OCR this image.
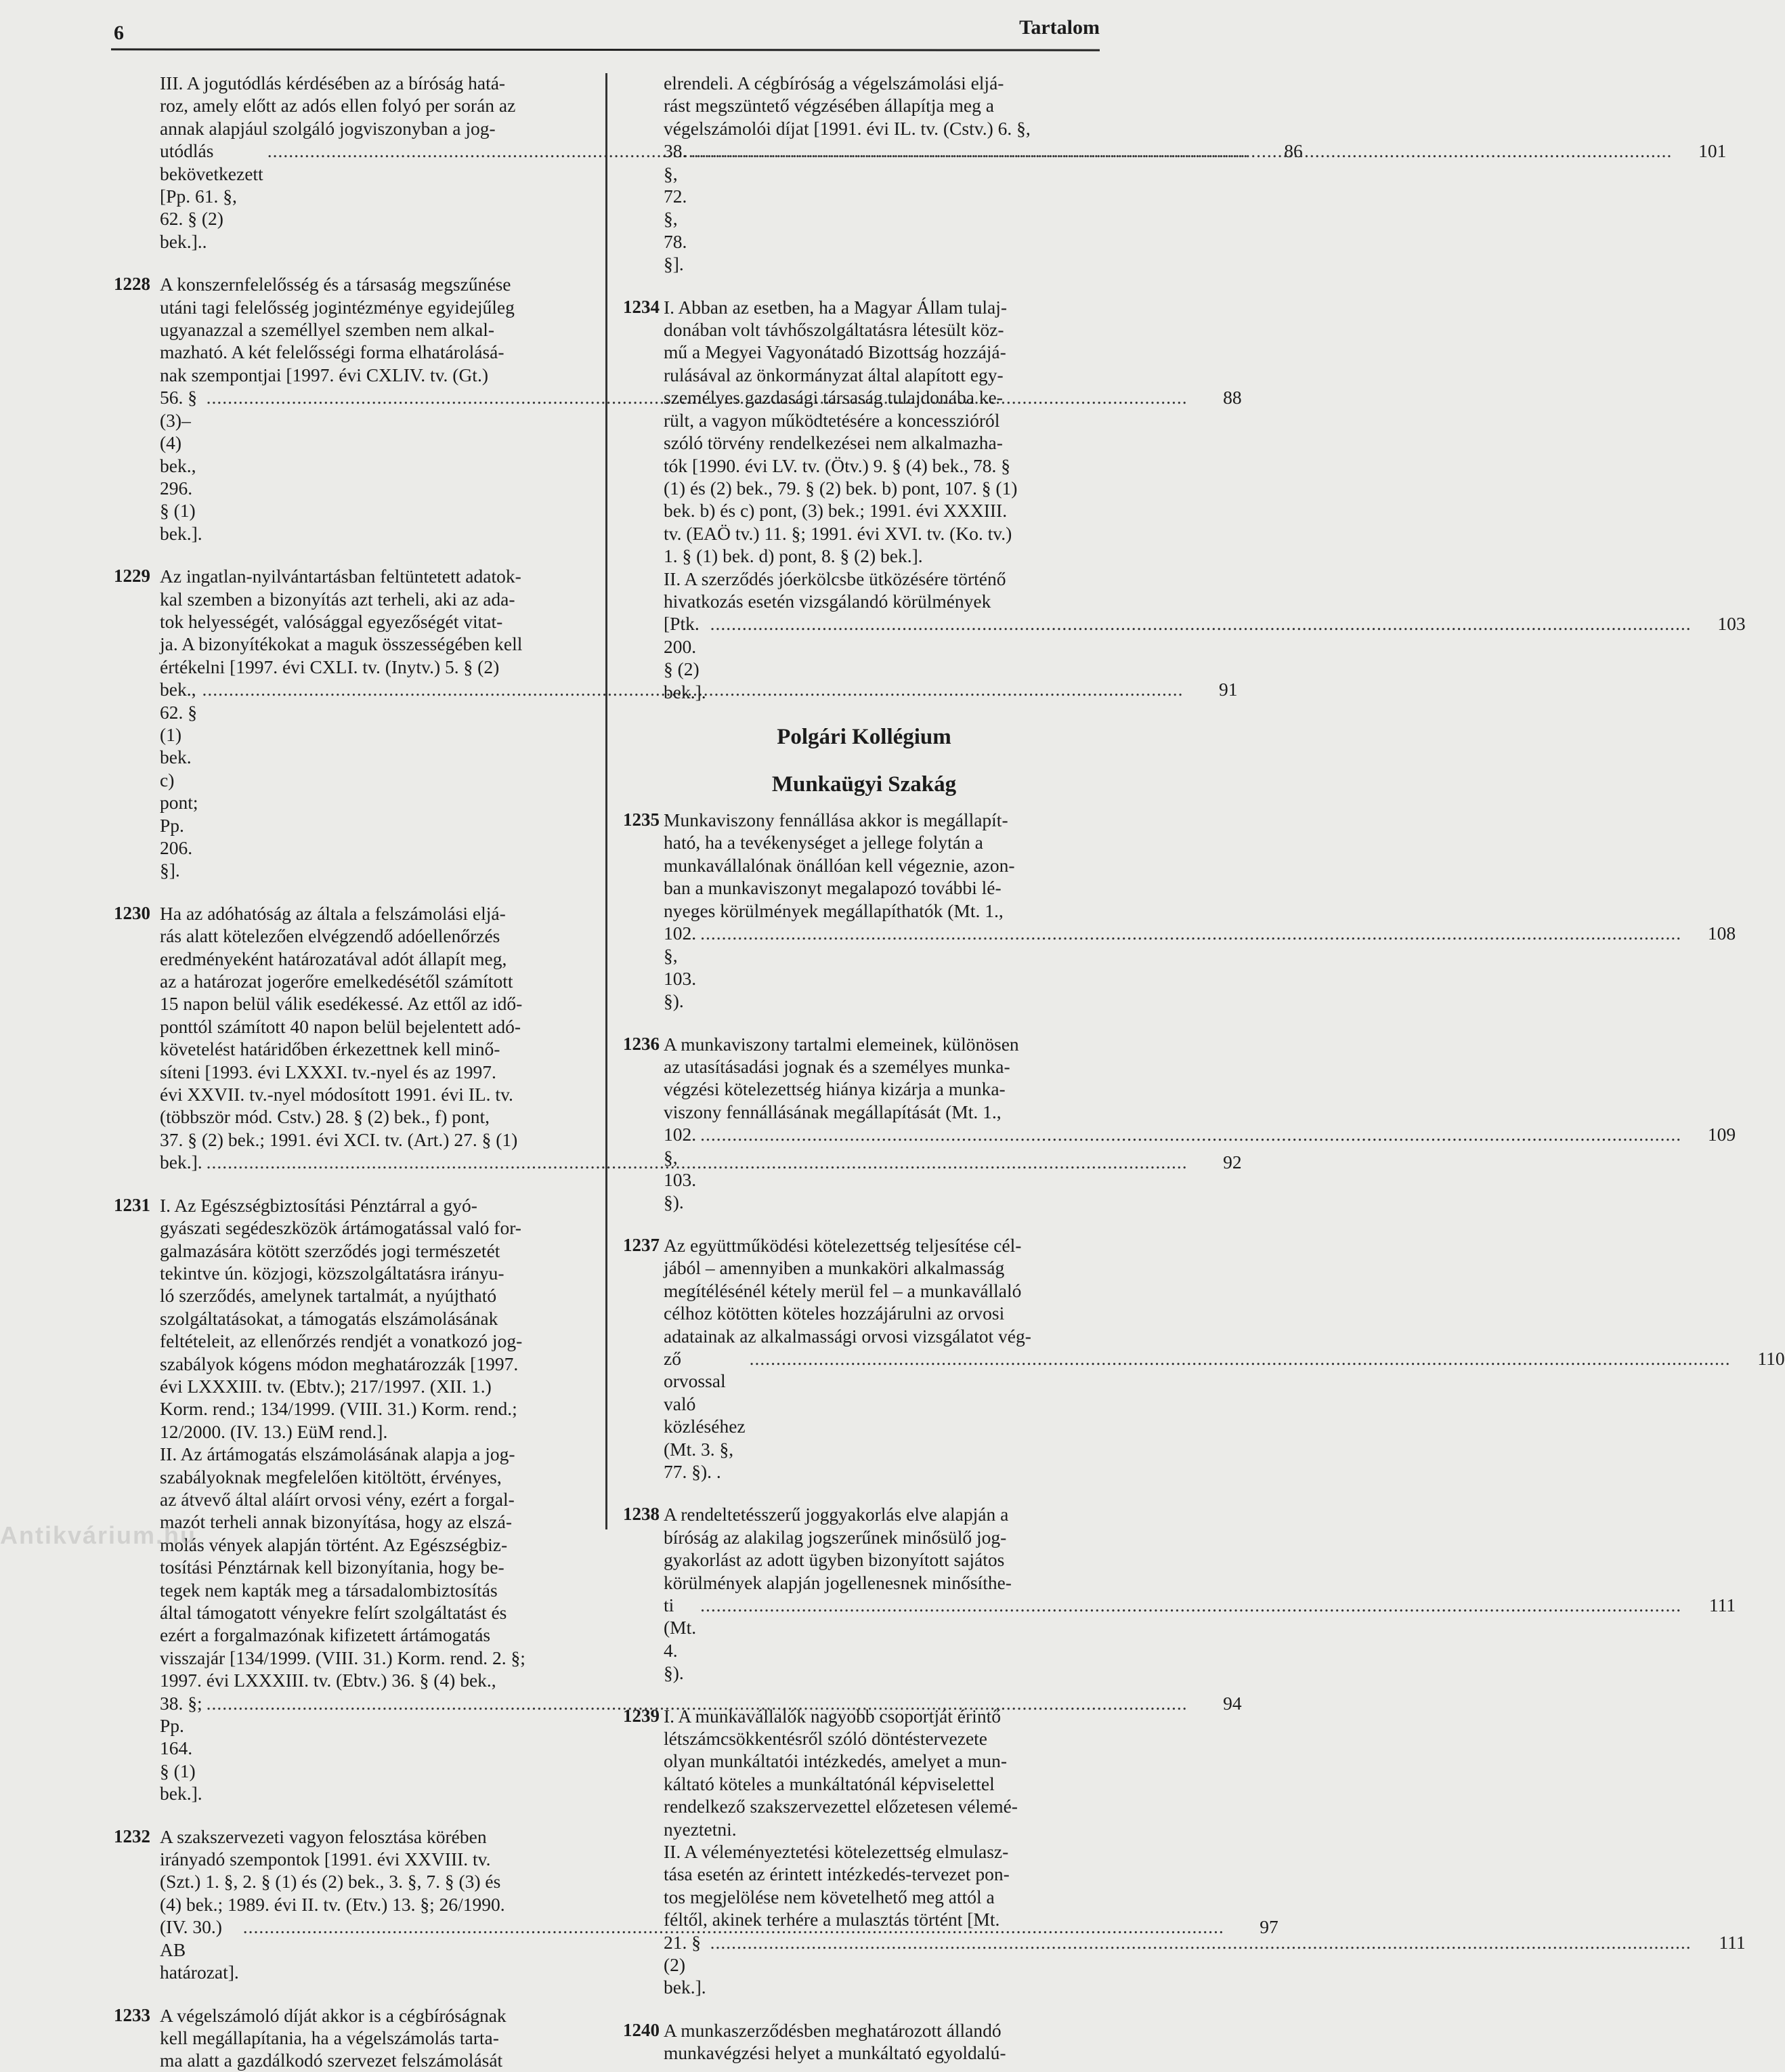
6	Tartalom
III. A jogutódlás kérdésében az a bíróság hatá-
roz, amely előtt az adós ellen folyó per során az
annak alapjául szolgáló jogviszonyban a jog-
utódlás bekövetkezett [Pp. 61. §, 62. § (2) bek.]..
.....
86
1228 A konszernfelelősség és a társaság megszűnése
utáni tagi felelősség jogintézménye egyidejűleg
ugyanazzal a személlyel szemben nem alkal-
mazható. A két felelősségi forma elhatárolásá-
nak szempontjai [1997. évi CXLIV. tv. (Gt.)
56. § (3)–(4) bek., 296. § (1) bek.].
.....
88
1229 Az ingatlan-nyilvántartásban feltüntetett adatok-
kal szemben a bizonyítás azt terheli, aki az ada-
tok helyességét, valósággal egyezőségét vitat-
ja. A bizonyítékokat a maguk összességében kell
értékelni [1997. évi CXLI. tv. (Inytv.) 5. § (2)
bek., 62. § (1) bek. c) pont; Pp. 206. §].
.....
91
1230 Ha az adóhatóság az általa a felszámolási eljá-
rás alatt kötelezően elvégzendő adóellenőrzés
eredményeként határozatával adót állapít meg,
az a határozat jogerőre emelkedésétől számított
15 napon belül válik esedékessé. Az ettől az idő-
ponttól számított 40 napon belül bejelentett adó-
követelést határidőben érkezettnek kell minő-
síteni [1993. évi LXXXI. tv.-nyel és az 1997.
évi XXVII. tv.-nyel módosított 1991. évi IL. tv.
(többször mód. Cstv.) 28. § (2) bek., f) pont,
37. § (2) bek.; 1991. évi XCI. tv. (Art.) 27. § (1)
bek.].
.....	92
1231 I. Az Egészségbiztosítási Pénztárral a gyó-
gyászati segédeszközök ártámogatással való for-
galmazására kötött szerződés jogi természetét
tekintve ún. közjogi, közszolgáltatásra irányu-
ló szerződés, amelynek tartalmát, a nyújtható
szolgáltatásokat, a támogatás elszámolásának
feltételeit, az ellenőrzés rendjét a vonatkozó jog-
szabályok kógens módon meghatározzák [1997.
évi LXXXIII. tv. (Ebtv.); 217/1997. (XII. 1.)
Korm. rend.; 134/1999. (VIII. 31.) Korm. rend.;
12/2000. (IV. 13.) EüM rend.].
II. Az ártámogatás elszámolásának alapja a jog-
szabályoknak megfelelően kitöltött, érvényes,
az átvevő által aláírt orvosi vény, ezért a forgal-
mazót terheli annak bizonyítása, hogy az elszá-
molás vények alapján történt. Az Egészségbiz-
tosítási Pénztárnak kell bizonyítania, hogy be-
tegek nem kapták meg a társadalombiztosítás
által támogatott vényekre felírt szolgáltatást és
ezért a forgalmazónak kifizetett ártámogatás
visszajár [134/1999. (VIII. 31.) Korm. rend. 2. §;
1997. évi LXXXIII. tv. (Ebtv.) 36. § (4) bek.,
38. §; Pp. 164. § (1) bek.].
.....
94
1232 A szakszervezeti vagyon felosztása körében
irányadó szempontok [1991. évi XXVIII. tv.
(Szt.) 1. §, 2. § (1) és (2) bek., 3. §, 7. § (3) és
(4) bek.; 1989. évi II. tv. (Etv.) 13. §; 26/1990.
(IV. 30.) AB határozat].
.....
97
1233 A végelszámoló díját akkor is a cégbíróságnak
kell megállapítania, ha a végelszámolás tarta-
ma alatt a gazdálkodó szervezet felszámolását
elrendeli. A cégbíróság a végelszámolási eljá-
rást megszüntető végzésében állapítja meg a
végelszámolói díjat [1991. évi IL. tv. (Cstv.) 6. §,
38. §, 72. §, 78. §].
.....
101
1234 I. Abban az esetben, ha a Magyar Állam tulaj-
donában volt távhőszolgáltatásra létesült köz-
mű a Megyei Vagyonátadó Bizottság hozzájá-
rulásával az önkormányzat által alapított egy-
személyes gazdasági társaság tulajdonába ke-
rült, a vagyon működtetésére a koncesszióról
szóló törvény rendelkezései nem alkalmazha-
tók [1990. évi LV. tv. (Ötv.) 9. § (4) bek., 78. §
(1) és (2) bek., 79. § (2) bek. b) pont, 107. § (1)
bek. b) és c) pont, (3) bek.; 1991. évi XXXIII.
tv. (EAÖ tv.) 11. §; 1991. évi XVI. tv. (Ko. tv.)
1. § (1) bek. d) pont, 8. § (2) bek.].
II. A szerződés jóerkölcsbe ütközésére történő
hivatkozás esetén vizsgálandó körülmények
[Ptk. 200. § (2) bek.].
.....
103
Polgári Kollégium
Munkaügyi Szakág
1235 Munkaviszony fennállása akkor is megállapít-
ható, ha a tevékenységet a jellege folytán a
munkavállalónak önállóan kell végeznie, azon-
ban a munkaviszonyt megalapozó további lé-
nyeges körülmények megállapíthatók (Mt. 1.,
102. §, 103. §).
.....
108
1236 A munkaviszony tartalmi elemeinek, különösen
az utasításadási jognak és a személyes munka-
végzési kötelezettség hiánya kizárja a munka-
viszony fennállásának megállapítását (Mt. 1.,
102. §, 103. §).
.....
109
1237 Az együttműködési kötelezettség teljesítése cél-
jából – amennyiben a munkaköri alkalmasság
megítélésénél kétely merül fel – a munkavállaló
célhoz kötötten köteles hozzájárulni az orvosi
adatainak az alkalmassági orvosi vizsgálatot vég-
ző orvossal való közléséhez (Mt. 3. §, 77. §). .
.....
110
1238 A rendeltetésszerű joggyakorlás elve alapján a
bíróság az alakilag jogszerűnek minősülő jog-
gyakorlást az adott ügyben bizonyított sajátos
körülmények alapján jogellenesnek minősíthe-
ti (Mt. 4. §).
.....
111
1239 I. A munkavállalók nagyobb csoportját érintő
létszámcsökkentésről szóló döntéstervezete
olyan munkáltatói intézkedés, amelyet a mun-
káltató köteles a munkáltatónál képviselettel
rendelkező szakszervezettel előzetesen vélemé-
nyeztetni.
II. A véleményeztetési kötelezettség elmulasz-
tása esetén az érintett intézkedés-tervezet pon-
tos megjelölése nem követelhető meg attól a
féltől, akinek terhére a mulasztás történt [Mt.
21. § (2) bek.].
.....
111
1240 A munkaszerződésben meghatározott állandó
munkavégzési helyet a munkáltató egyoldalú-
Antikvárium.hu
